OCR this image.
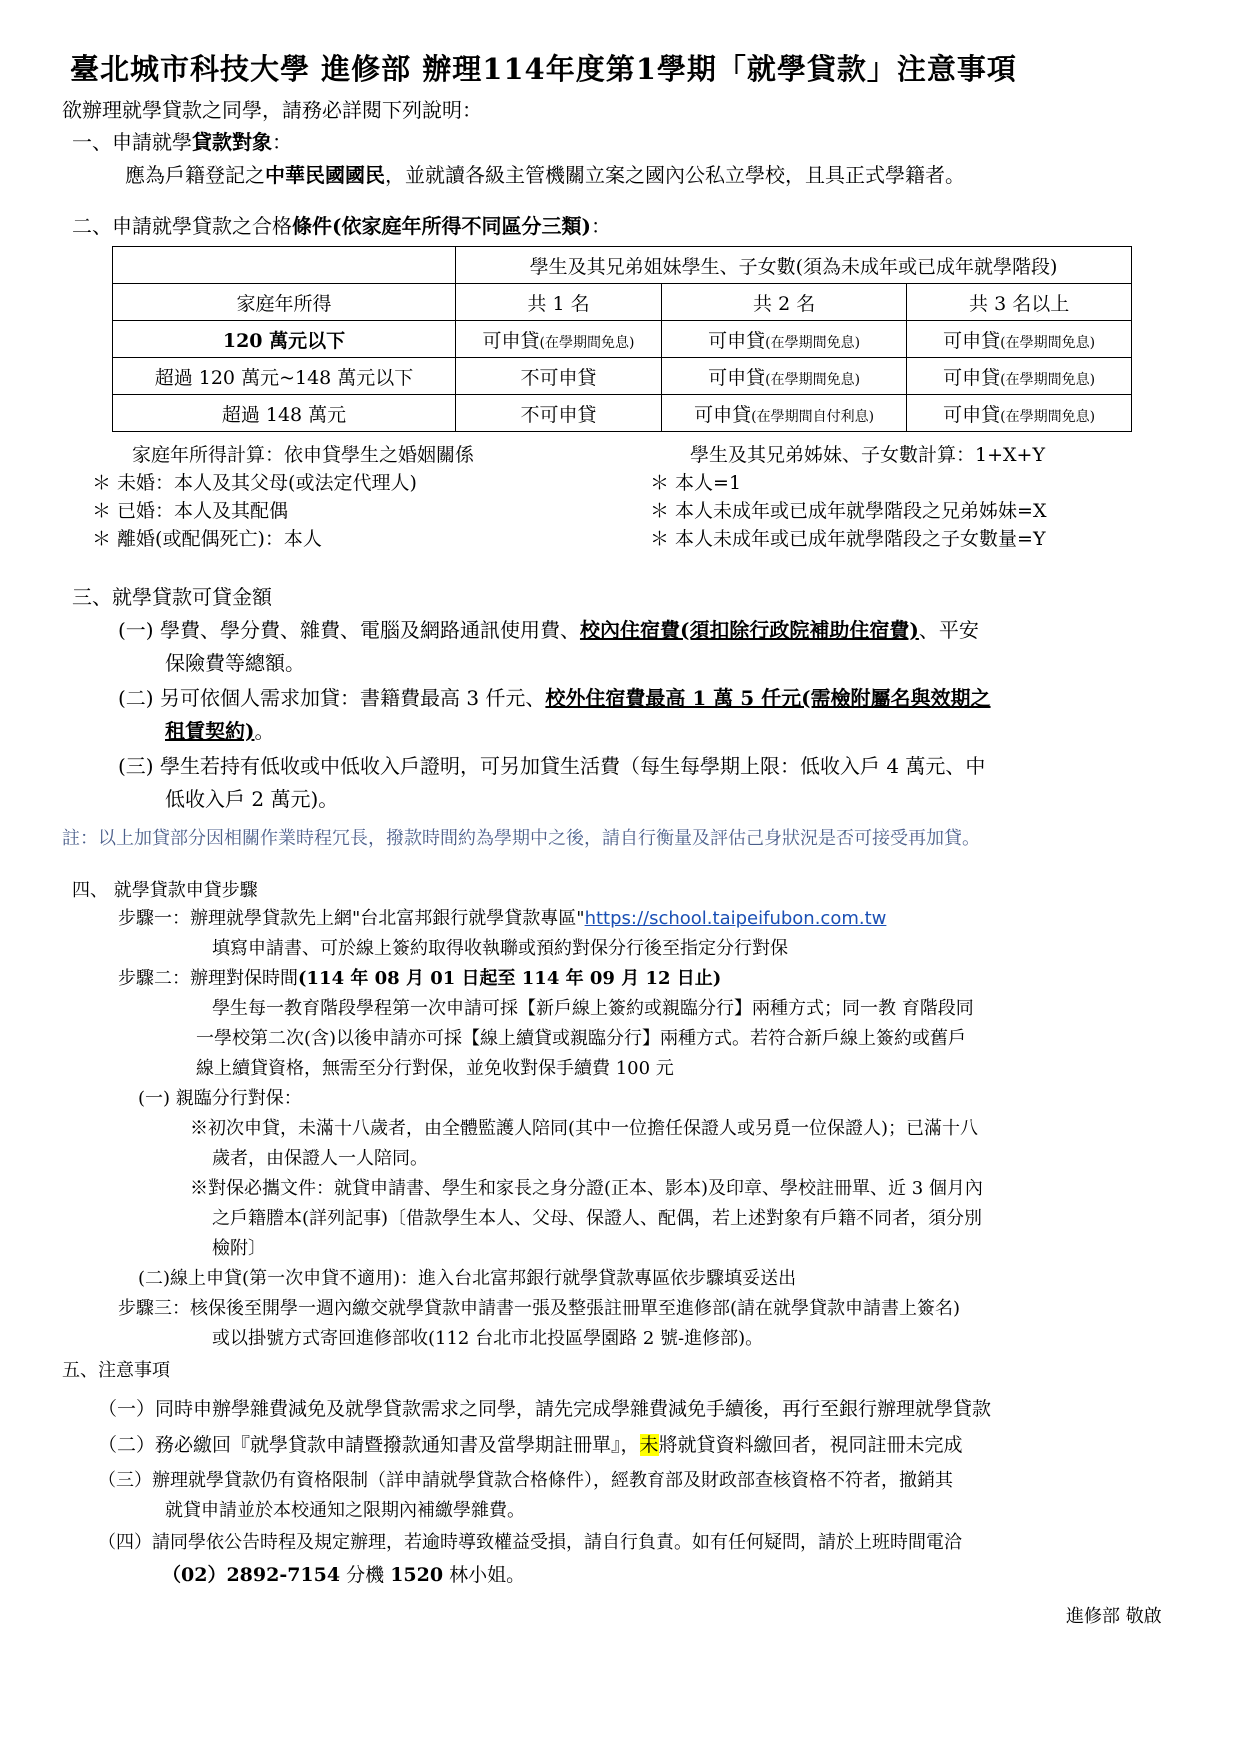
臺北城市科技大學 進修部 辦理114年度第1學期「就學貸款」注意事項
欲辦理就學貸款之同學，請務必詳閱下列說明：
一、申請就學貸款對象：
應為戶籍登記之中華民國國民，並就讀各級主管機關立案之國內公私立學校，且具正式學籍者。
二、申請就學貸款之合格條件(依家庭年所得不同區分三類)：
	學生及其兄弟姐妹學生、子女數(須為未成年或已成年就學階段)		
家庭年所得	共 1 名	共 2 名	共 3 名以上
120 萬元以下	可申貸(在學期間免息)	可申貸(在學期間免息)	可申貸(在學期間免息)
超過 120 萬元~148 萬元以下	不可申貸	可申貸(在學期間免息)	可申貸(在學期間免息)
超過 148 萬元	不可申貸	可申貸(在學期間自付利息)	可申貸(在學期間免息)
家庭年所得計算：依申貸學生之婚姻關係
＊ 未婚：本人及其父母(或法定代理人)
＊ 已婚：本人及其配偶
＊ 離婚(或配偶死亡)：本人
學生及其兄弟姊妹、子女數計算：1+X+Y
＊ 本人=1
＊ 本人未成年或已成年就學階段之兄弟姊妹=X
＊ 本人未成年或已成年就學階段之子女數量=Y
三、就學貸款可貸金額
(一) 學費、學分費、雜費、電腦及網路通訊使用費、校內住宿費(須扣除行政院補助住宿費)、平安
保險費等總額。
(二) 另可依個人需求加貸：書籍費最高 3 仟元、校外住宿費最高 1 萬 5 仟元(需檢附屬名與效期之
租賃契約)。
(三) 學生若持有低收或中低收入戶證明，可另加貸生活費（每生每學期上限：低收入戶 4 萬元、中
低收入戶 2 萬元)。
註：以上加貸部分因相關作業時程冗長，撥款時間約為學期中之後，請自行衡量及評估己身狀況是否可接受再加貸。
四、 就學貸款申貸步驟
步驟一：辦理就學貸款先上網"台北富邦銀行就學貸款專區"https://school.taipeifubon.com.tw
填寫申請書、可於線上簽約取得收執聯或預約對保分行後至指定分行對保
步驟二：辦理對保時間(114 年 08 月 01 日起至 114 年 09 月 12 日止)
學生每一教育階段學程第一次申請可採【新戶線上簽約或親臨分行】兩種方式；同一教 育階段同
一學校第二次(含)以後申請亦可採【線上續貸或親臨分行】兩種方式。若符合新戶線上簽約或舊戶
線上續貸資格，無需至分行對保，並免收對保手續費 100 元
(一) 親臨分行對保：
※初次申貸，未滿十八歲者，由全體監護人陪同(其中一位擔任保證人或另覓一位保證人)；已滿十八
歲者，由保證人一人陪同。
※對保必攜文件：就貸申請書、學生和家長之身分證(正本、影本)及印章、學校註冊單、近 3 個月內
之戶籍謄本(詳列記事)〔借款學生本人、父母、保證人、配偶，若上述對象有戶籍不同者，須分別
檢附〕
(二)線上申貸(第一次申貸不適用)：進入台北富邦銀行就學貸款專區依步驟填妥送出
步驟三：核保後至開學一週內繳交就學貸款申請書一張及整張註冊單至進修部(請在就學貸款申請書上簽名)
或以掛號方式寄回進修部收(112 台北市北投區學園路 2 號-進修部)。
五、注意事項
（一）同時申辦學雜費減免及就學貸款需求之同學，請先完成學雜費減免手續後，再行至銀行辦理就學貸款
（二）務必繳回『就學貸款申請暨撥款通知書及當學期註冊單』，未將就貸資料繳回者，視同註冊未完成
（三）辦理就學貸款仍有資格限制（詳申請就學貸款合格條件），經教育部及財政部查核資格不符者，撤銷其
就貸申請並於本校通知之限期內補繳學雜費。
（四）請同學依公告時程及規定辦理，若逾時導致權益受損，請自行負責。如有任何疑問，請於上班時間電洽
（02）2892-7154 分機 1520 林小姐。
進修部 敬啟
